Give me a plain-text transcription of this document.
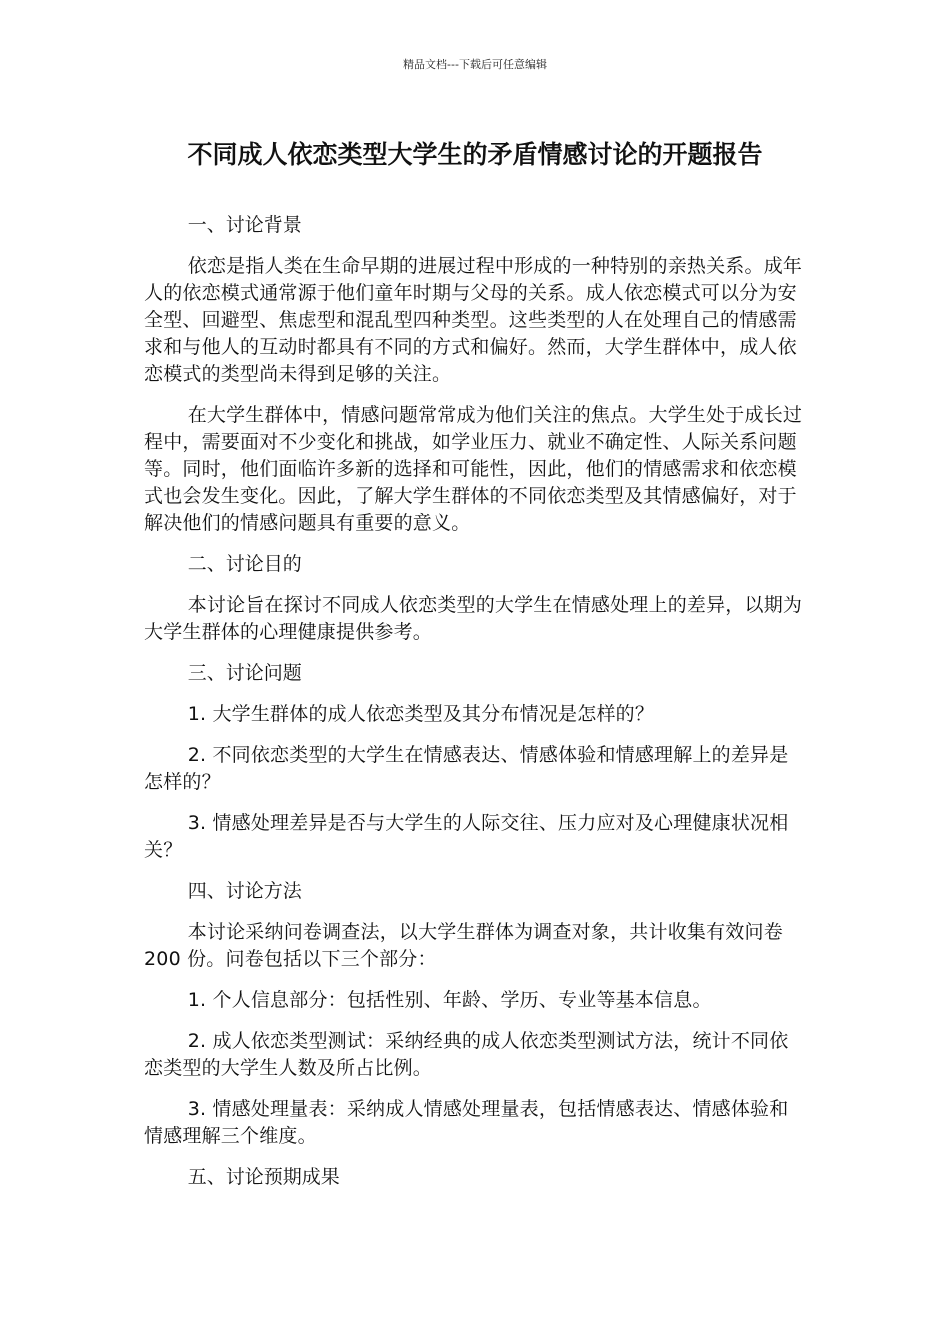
精品文档---下载后可任意编辑
不同成人依恋类型大学生的矛盾情感讨论的开题报告

一、讨论背景

依恋是指人类在生命早期的进展过程中形成的一种特别的亲热关系。成年人的依恋模式通常源于他们童年时期与父母的关系。成人依恋模式可以分为安全型、回避型、焦虑型和混乱型四种类型。这些类型的人在处理自己的情感需求和与他人的互动时都具有不同的方式和偏好。然而，大学生群体中，成人依恋模式的类型尚未得到足够的关注。

在大学生群体中，情感问题常常成为他们关注的焦点。大学生处于成长过程中，需要面对不少变化和挑战，如学业压力、就业不确定性、人际关系问题等。同时，他们面临许多新的选择和可能性，因此，他们的情感需求和依恋模式也会发生变化。因此，了解大学生群体的不同依恋类型及其情感偏好，对于解决他们的情感问题具有重要的意义。

二、讨论目的

本讨论旨在探讨不同成人依恋类型的大学生在情感处理上的差异，以期为大学生群体的心理健康提供参考。

三、讨论问题

1. 大学生群体的成人依恋类型及其分布情况是怎样的？

2. 不同依恋类型的大学生在情感表达、情感体验和情感理解上的差异是怎样的？

3. 情感处理差异是否与大学生的人际交往、压力应对及心理健康状况相关？

四、讨论方法

本讨论采纳问卷调查法，以大学生群体为调查对象，共计收集有效问卷 200 份。问卷包括以下三个部分：

1. 个人信息部分：包括性别、年龄、学历、专业等基本信息。

2. 成人依恋类型测试：采纳经典的成人依恋类型测试方法，统计不同依恋类型的大学生人数及所占比例。

3. 情感处理量表：采纳成人情感处理量表，包括情感表达、情感体验和情感理解三个维度。

五、讨论预期成果
